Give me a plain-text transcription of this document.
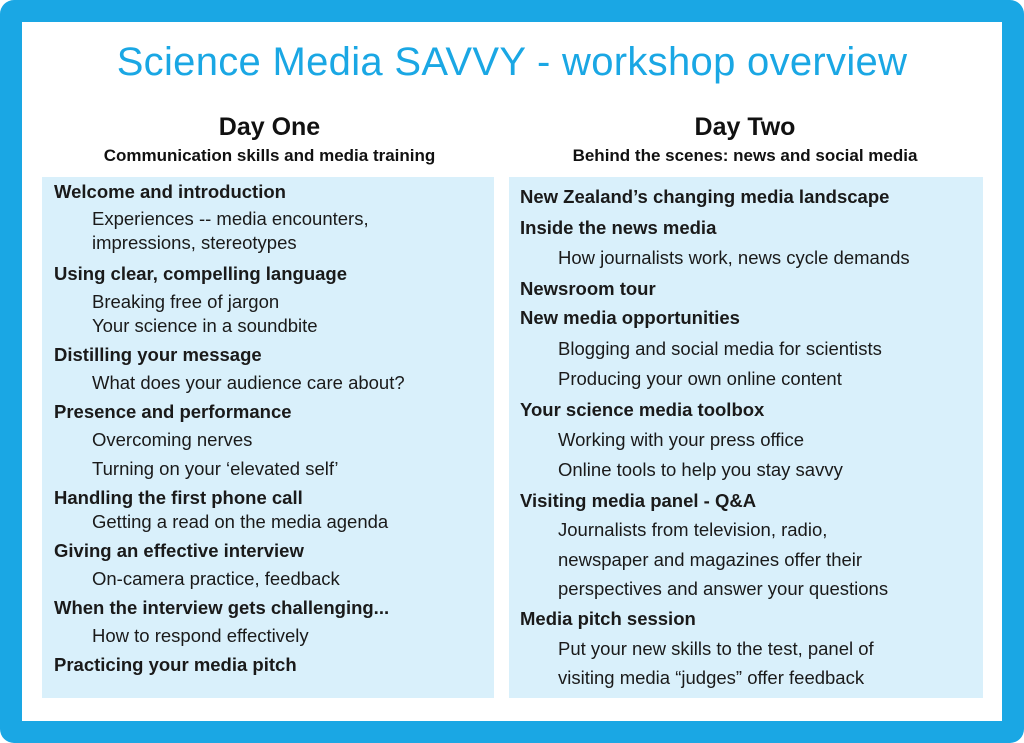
Science Media SAVVY - workshop overview
Day One
Communication skills and media training
Day Two
Behind the scenes: news and social media
Welcome and introduction
Experiences -- media encounters,
impressions, stereotypes
Using clear, compelling language
Breaking free of jargon
Your science in a soundbite
Distilling your message
What does your audience care about?
Presence and performance
Overcoming nerves
Turning on your ‘elevated self’
Handling the first phone call
Getting a read on the media agenda
Giving an effective interview
On-camera practice, feedback
When the interview gets challenging...
How to respond effectively
Practicing your media pitch
New Zealand’s changing media landscape
Inside the news media
How journalists work, news cycle demands
Newsroom tour
New media opportunities
Blogging and social media for scientists
Producing your own online content
Your science media toolbox
Working with your press office
Online tools to help you stay savvy
Visiting media panel - Q&A
Journalists from television, radio,
newspaper and magazines offer their
perspectives and answer your questions
Media pitch session
Put your new skills to the test, panel of
visiting media “judges” offer feedback
